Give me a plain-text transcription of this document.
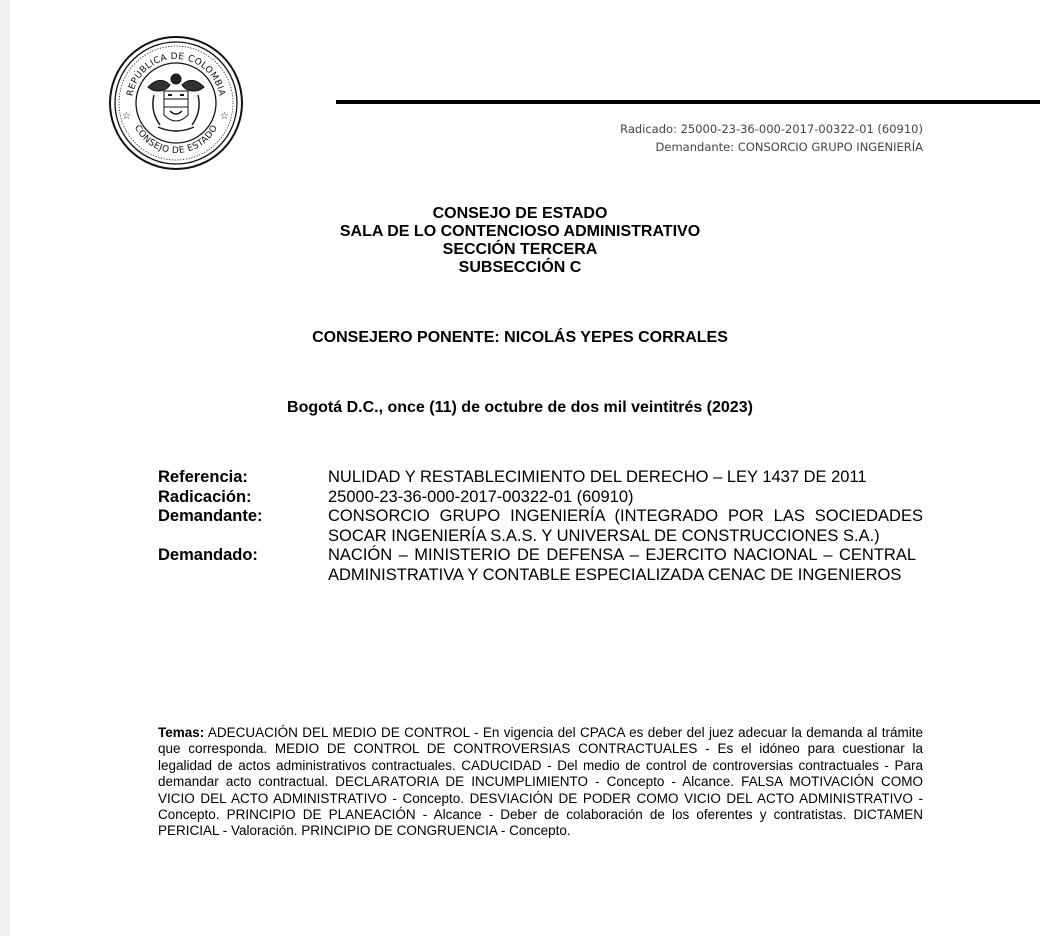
REPÚBLICA DE COLOMBIA
CONSEJO DE ESTADO
☆	☆
Radicado: 25000-23-36-000-2017-00322-01 (60910)
Demandante: CONSORCIO GRUPO INGENIERÍA
CONSEJO DE ESTADO
SALA DE LO CONTENCIOSO ADMINISTRATIVO
SECCIÓN TERCERA
SUBSECCIÓN C
CONSEJERO PONENTE: NICOLÁS YEPES CORRALES
Bogotá D.C., once (11) de octubre de dos mil veintitrés (2023)
Referencia:	NULIDAD Y RESTABLECIMIENTO DEL DERECHO – LEY 1437 DE 2011
Radicación:	25000-23-36-000-2017-00322-01 (60910)
Demandante:	CONSORCIO GRUPO INGENIERÍA (INTEGRADO POR LAS SOCIEDADES SOCAR INGENIERÍA S.A.S. Y UNIVERSAL DE CONSTRUCCIONES S.A.)
Demandado:	NACIÓN – MINISTERIO DE DEFENSA – EJERCITO NACIONAL – CENTRAL ADMINISTRATIVA Y CONTABLE ESPECIALIZADA CENAC DE INGENIEROS
Temas: ADECUACIÓN DEL MEDIO DE CONTROL - En vigencia del CPACA es deber del juez adecuar la demanda al trámite que corresponda. MEDIO DE CONTROL DE CONTROVERSIAS CONTRACTUALES - Es el idóneo para cuestionar la legalidad de actos administrativos contractuales. CADUCIDAD - Del medio de control de controversias contractuales - Para demandar acto contractual. DECLARATORIA DE INCUMPLIMIENTO - Concepto - Alcance. FALSA MOTIVACIÓN COMO VICIO DEL ACTO ADMINISTRATIVO - Concepto. DESVIACIÓN DE PODER COMO VICIO DEL ACTO ADMINISTRATIVO - Concepto. PRINCIPIO DE PLANEACIÓN - Alcance - Deber de colaboración de los oferentes y contratistas. DICTAMEN PERICIAL - Valoración. PRINCIPIO DE CONGRUENCIA - Concepto.
